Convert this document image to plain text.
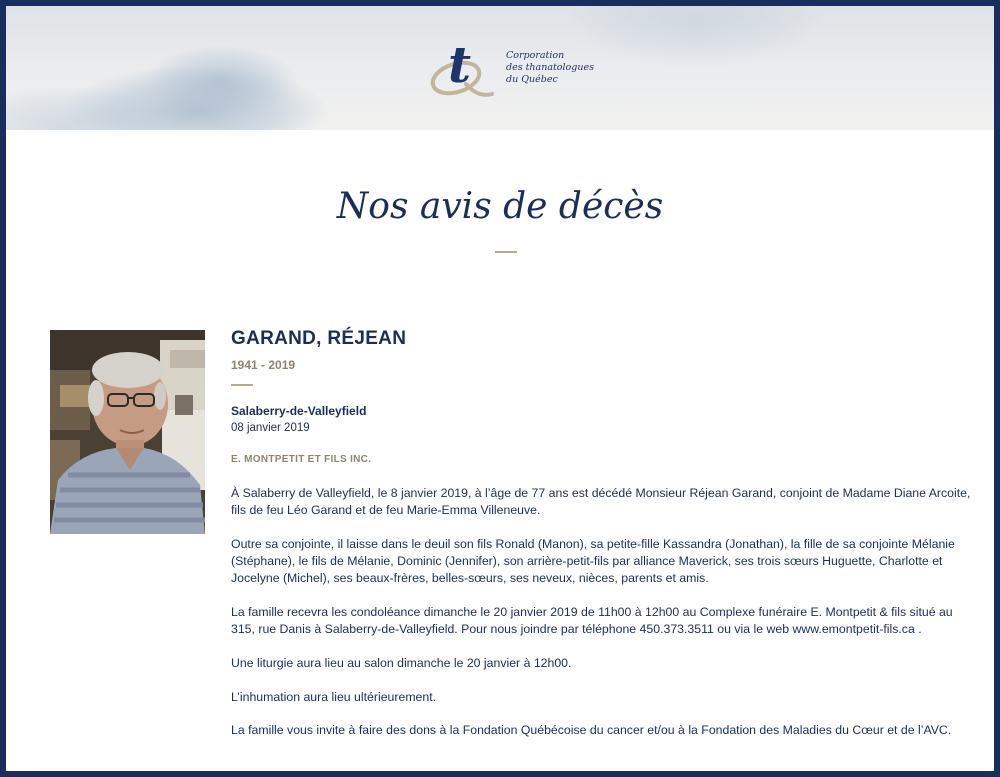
t	Corporation
des thanatologues
du Québec
Nos avis de décès
GARAND, RÉJEAN
1941 - 2019
Salaberry-de-Valleyfield
08 janvier 2019
E. MONTPETIT ET FILS INC.

À Salaberry de Valleyfield, le 8 janvier 2019, à l’âge de 77 ans est décédé Monsieur Réjean Garand, conjoint de Madame Diane Arcoite, fils de feu Léo Garand et de feu Marie-Emma Villeneuve.

Outre sa conjointe, il laisse dans le deuil son fils Ronald (Manon), sa petite-fille Kassandra (Jonathan), la fille de sa conjointe Mélanie (Stéphane), le fils de Mélanie, Dominic (Jennifer), son arrière-petit-fils par alliance Maverick, ses trois sœurs Huguette, Charlotte et Jocelyne (Michel), ses beaux-frères, belles-sœurs, ses neveux, nièces, parents et amis.

La famille recevra les condoléance dimanche le 20 janvier 2019 de 11h00 à 12h00 au Complexe funéraire E. Montpetit & fils situé au 315, rue Danis à Salaberry-de-Valleyfield. Pour nous joindre par téléphone 450.373.3511 ou via le web www.emontpetit-fils.ca .

Une liturgie aura lieu au salon dimanche le 20 janvier à 12h00.

L’inhumation aura lieu ultérieurement.

La famille vous invite à faire des dons à la Fondation Québécoise du cancer et/ou à la Fondation des Maladies du Cœur et de l’AVC.
